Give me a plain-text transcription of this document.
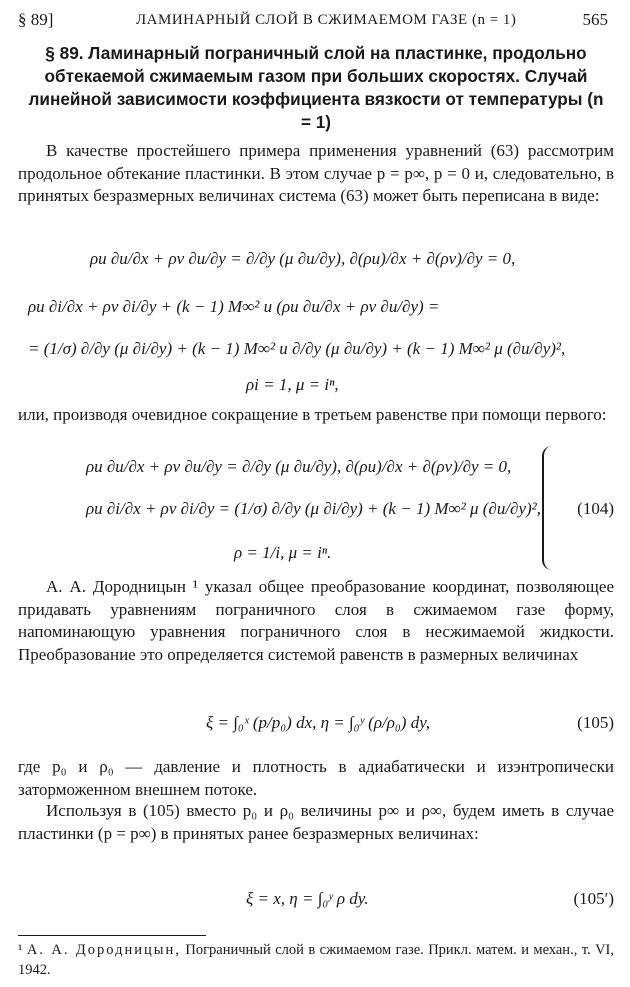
§ 89]	ЛАМИНАРНЫЙ СЛОЙ В СЖИМАЕМОМ ГАЗЕ (n = 1)	565
§ 89. Ламинарный пограничный слой на пластинке, продольно обтекаемой сжимаемым газом при больших скоростях. Случай линейной зависимости коэффициента вязкости от температуры (n = 1)
В качестве простейшего примера применения уравнений (63) рассмотрим продольное обтекание пластинки. В этом случае p = p∞, p = 0 и, следовательно, в принятых безразмерных величинах система (63) может быть переписана в виде:
ρu ∂u/∂x + ρv ∂u/∂y = ∂/∂y (μ ∂u/∂y), ∂(ρu)/∂x + ∂(ρv)/∂y = 0,
ρu ∂i/∂x + ρv ∂i/∂y + (k − 1) M∞² u (ρu ∂u/∂x + ρv ∂u/∂y) =
= (1/σ) ∂/∂y (μ ∂i/∂y) + (k − 1) M∞² u ∂/∂y (μ ∂u/∂y) + (k − 1) M∞² μ (∂u/∂y)²,
ρi = 1, μ = iⁿ,
или, производя очевидное сокращение в третьем равенстве при помощи первого:
ρu ∂u/∂x + ρv ∂u/∂y = ∂/∂y (μ ∂u/∂y), ∂(ρu)/∂x + ∂(ρv)/∂y = 0,
ρu ∂i/∂x + ρv ∂i/∂y = (1/σ) ∂/∂y (μ ∂i/∂y) + (k − 1) M∞² μ (∂u/∂y)²,
ρ = 1/i, μ = iⁿ.
(104)
А. А. Дородницын ¹ указал общее преобразование координат, позволяющее придавать уравнениям пограничного слоя в сжимаемом газе форму, напоминающую уравнения пограничного слоя в несжимаемой жидкости. Преобразование это определяется системой равенств в размерных величинах
ξ = ∫₀ˣ (p/p₀) dx, η = ∫₀ʸ (ρ/ρ₀) dy,	(105)
где p₀ и ρ₀ — давление и плотность в адиабатически и изэнтропически заторможенном внешнем потоке.
Используя в (105) вместо p₀ и ρ₀ величины p∞ и ρ∞, будем иметь в случае пластинки (p = p∞) в принятых ранее безразмерных величинах:
ξ = x, η = ∫₀ʸ ρ dy.	(105′)
¹ А. А. Дородницын, Пограничный слой в сжимаемом газе. Прикл. матем. и механ., т. VI, 1942.
